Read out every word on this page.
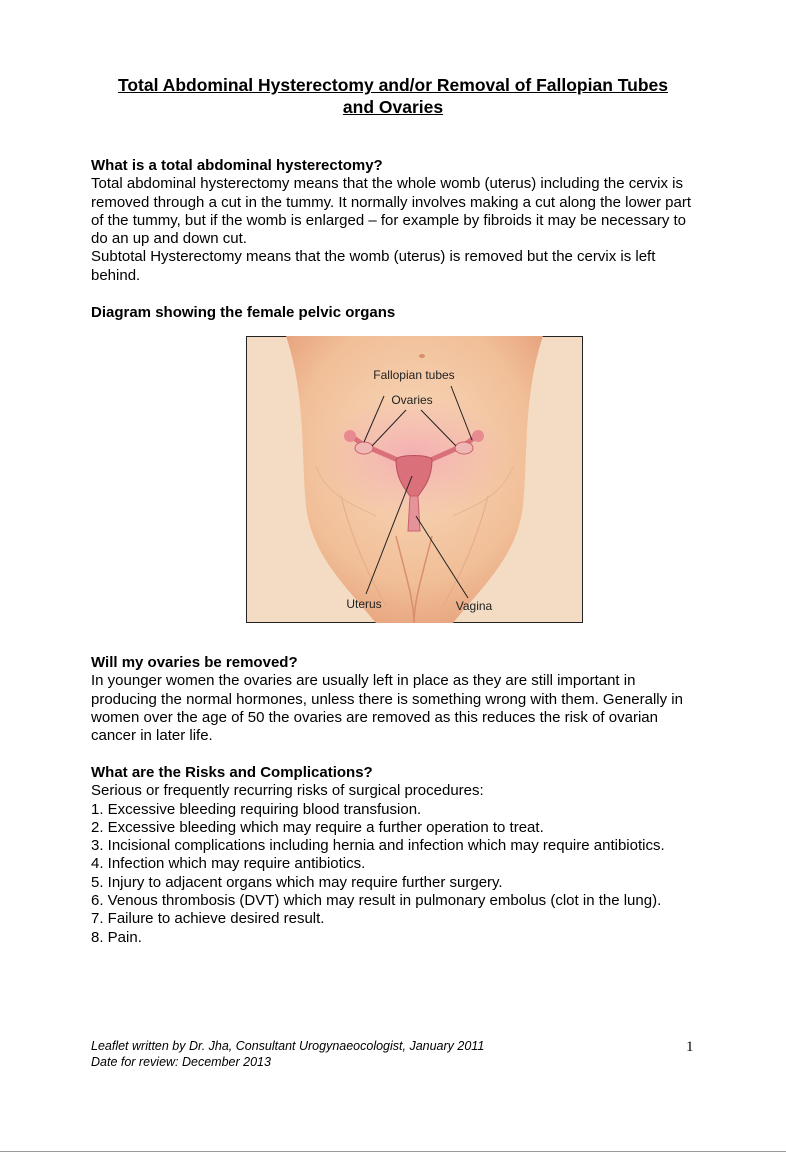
Total Abdominal Hysterectomy and/or Removal of Fallopian Tubes
and Ovaries

What is a total abdominal hysterectomy?

Total abdominal hysterectomy means that the whole womb (uterus) including the cervix is removed through a cut in the tummy. It normally involves making a cut along the lower part of the tummy, but if the womb is enlarged – for example by fibroids it may be necessary to do an up and down cut.

Subtotal Hysterectomy means that the womb (uterus) is removed but the cervix is left behind.

Diagram showing the female pelvic organs

Fallopian tubes
Ovaries
Uterus	Vagina

Will my ovaries be removed?

In younger women the ovaries are usually left in place as they are still important in producing the normal hormones, unless there is something wrong with them. Generally in women over the age of 50 the ovaries are removed as this reduces the risk of ovarian cancer in later life.

What are the Risks and Complications?

Serious or frequently recurring risks of surgical procedures:

1. Excessive bleeding requiring blood transfusion.

2. Excessive bleeding which may require a further operation to treat.

3. Incisional complications including hernia and infection which may require antibiotics.

4. Infection which may require antibiotics.

5. Injury to adjacent organs which may require further surgery.

6. Venous thrombosis (DVT) which may result in pulmonary embolus (clot in the lung).

7. Failure to achieve desired result.

8. Pain.

Leaflet written by Dr. Jha, Consultant Urogynaeocologist, January 2011
Date for review: December 2013
1
